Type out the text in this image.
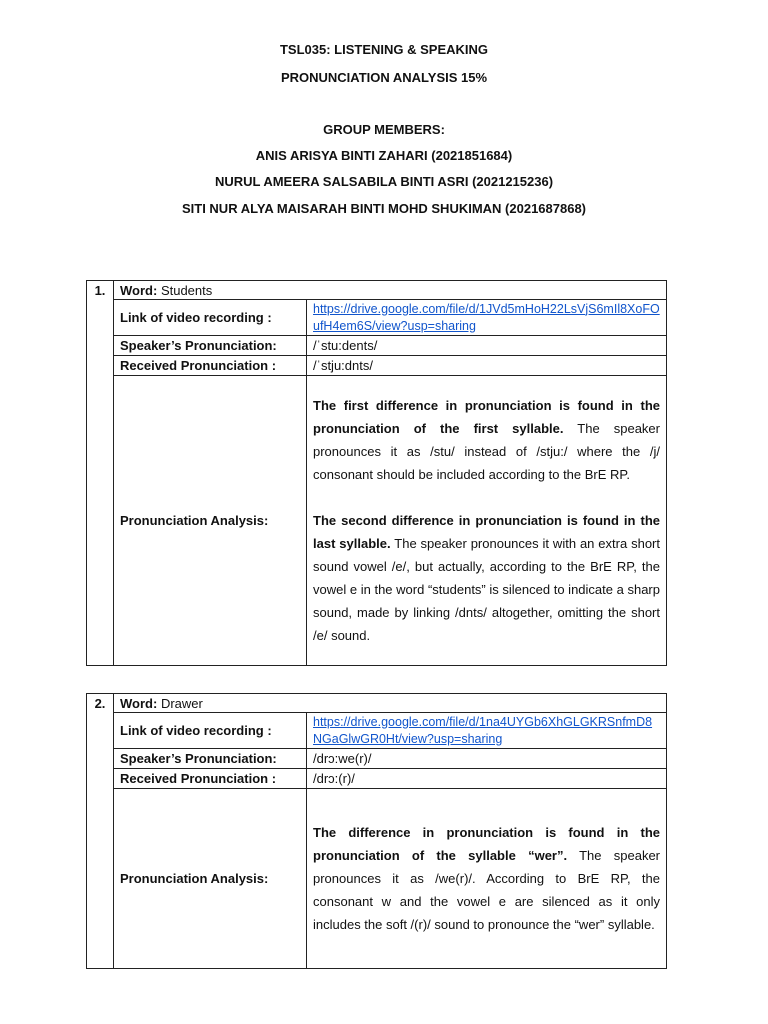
TSL035: LISTENING & SPEAKING
PRONUNCIATION ANALYSIS 15%
GROUP MEMBERS:
ANIS ARISYA BINTI ZAHARI (2021851684)
NURUL AMEERA SALSABILA BINTI ASRI (2021215236)
SITI NUR ALYA MAISARAH BINTI MOHD SHUKIMAN (2021687868)
1.	Word: Students	
	Link of video recording :	https://drive.google.com/file/d/1JVd5mHoH22LsVjS6mIl8XoFOufH4em6S/view?usp=sharing
	Speaker’s Pronunciation:	/ˈstu:dents/
	Received Pronunciation :	/ˈstju:dnts/
	Pronunciation Analysis:	The first difference in pronunciation is found in the pronunciation of the first syllable. The speaker pronounces it as /stu/ instead of /stju:/ where the /j/ consonant should be included according to the BrE RP.

The second difference in pronunciation is found in the last syllable. The speaker pronounces it with an extra short sound vowel /e/, but actually, according to the BrE RP, the vowel e in the word “students” is silenced to indicate a sharp sound, made by linking /dnts/ altogether, omitting the short /e/ sound.

2.	Word: Drawer	
	Link of video recording :	https://drive.google.com/file/d/1na4UYGb6XhGLGKRSnfmD8NGaGlwGR0Ht/view?usp=sharing
	Speaker’s Pronunciation:	/drɔ:we(r)/
	Received Pronunciation :	/drɔ:(r)/
	Pronunciation Analysis:	The difference in pronunciation is found in the pronunciation of the syllable “wer”. The speaker pronounces it as /we(r)/. According to BrE RP, the consonant w and the vowel e are silenced as it only includes the soft /(r)/ sound to pronounce the “wer” syllable.
